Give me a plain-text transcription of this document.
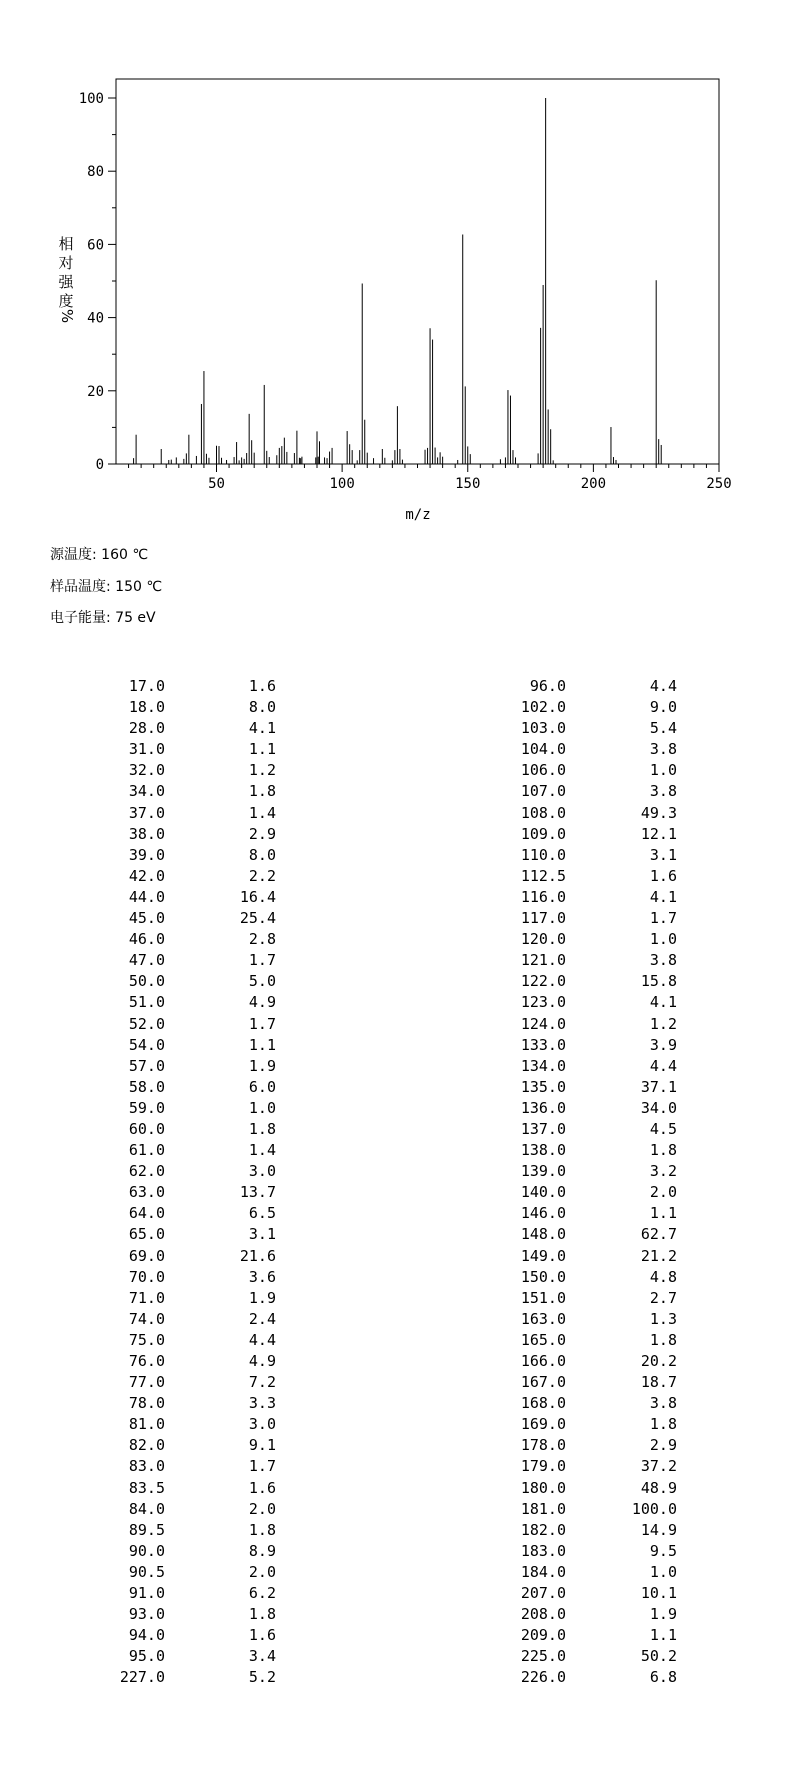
0
20
40
60
80
100
50	100	150	200	250
m/z
相
对
强
度
%
源温度: 160 ℃
样品温度: 150 ℃
电子能量: 75 eV
17.0	1.6
18.0	8.0
28.0	4.1
31.0	1.1
32.0	1.2
34.0	1.8
37.0	1.4
38.0	2.9
39.0	8.0
42.0	2.2
44.0	16.4
45.0	25.4
46.0	2.8
47.0	1.7
50.0	5.0
51.0	4.9
52.0	1.7
54.0	1.1
57.0	1.9
58.0	6.0
59.0	1.0
60.0	1.8
61.0	1.4
62.0	3.0
63.0	13.7
64.0	6.5
65.0	3.1
69.0	21.6
70.0	3.6
71.0	1.9
74.0	2.4
75.0	4.4
76.0	4.9
77.0	7.2
78.0	3.3
81.0	3.0
82.0	9.1
83.0	1.7
83.5	1.6
84.0	2.0
89.5	1.8
90.0	8.9
90.5	2.0
91.0	6.2
93.0	1.8
94.0	1.6
95.0	3.4
227.0	5.2
96.0	4.4
102.0	9.0
103.0	5.4
104.0	3.8
106.0	1.0
107.0	3.8
108.0	49.3
109.0	12.1
110.0	3.1
112.5	1.6
116.0	4.1
117.0	1.7
120.0	1.0
121.0	3.8
122.0	15.8
123.0	4.1
124.0	1.2
133.0	3.9
134.0	4.4
135.0	37.1
136.0	34.0
137.0	4.5
138.0	1.8
139.0	3.2
140.0	2.0
146.0	1.1
148.0	62.7
149.0	21.2
150.0	4.8
151.0	2.7
163.0	1.3
165.0	1.8
166.0	20.2
167.0	18.7
168.0	3.8
169.0	1.8
178.0	2.9
179.0	37.2
180.0	48.9
181.0	100.0
182.0	14.9
183.0	9.5
184.0	1.0
207.0	10.1
208.0	1.9
209.0	1.1
225.0	50.2
226.0	6.8
